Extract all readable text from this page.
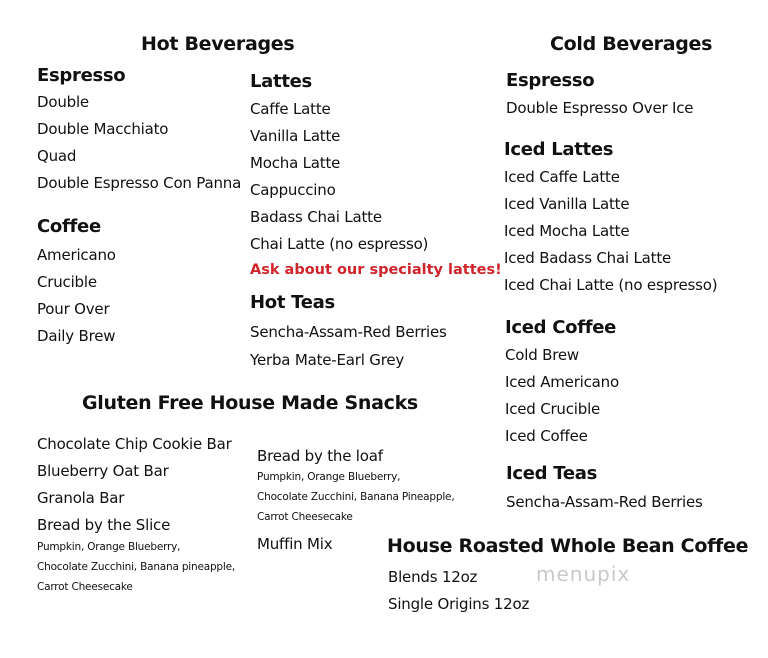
Hot Beverages
Espresso
Double
Double Macchiato
Quad
Double Espresso Con Panna
Coffee
Americano
Crucible
Pour Over
Daily Brew
Lattes
Caffe Latte
Vanilla Latte
Mocha Latte
Cappuccino
Badass Chai Latte
Chai Latte (no espresso)
Ask about our specialty lattes!
Hot Teas
Sencha-Assam-Red Berries
Yerba Mate-Earl Grey
Cold Beverages
Espresso
Double Espresso Over Ice
Iced Lattes
Iced Caffe Latte
Iced Vanilla Latte
Iced Mocha Latte
Iced Badass Chai Latte
Iced Chai Latte (no espresso)
Iced Coffee
Cold Brew
Iced Americano
Iced Crucible
Iced Coffee
Iced Teas
Sencha-Assam-Red Berries
Gluten Free House Made Snacks
Chocolate Chip Cookie Bar
Blueberry Oat Bar
Granola Bar
Bread by the Slice
Pumpkin, Orange Blueberry,
Chocolate Zucchini, Banana pineapple,
Carrot Cheesecake
Bread by the loaf
Pumpkin, Orange Blueberry,
Chocolate Zucchini, Banana Pineapple,
Carrot Cheesecake
Muffin Mix	House Roasted Whole Bean Coffee
Blends 12oz
Single Origins 12oz
menupix
